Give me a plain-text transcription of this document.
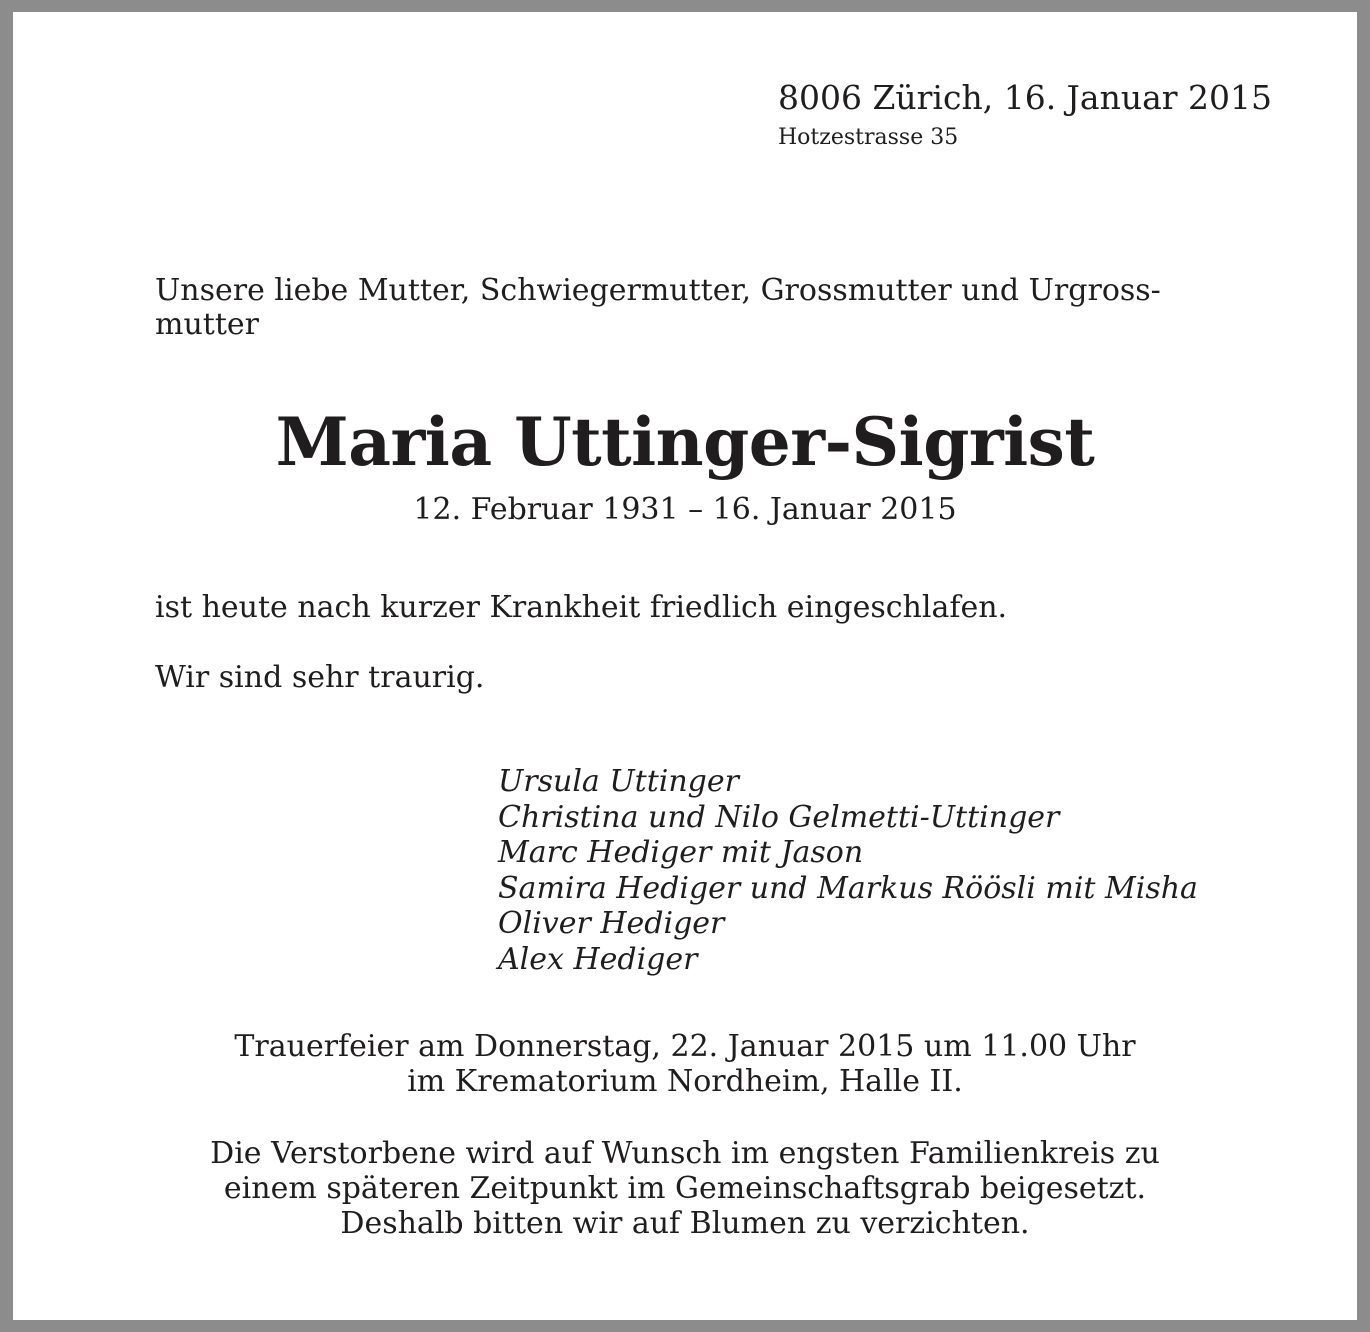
8006 Zürich, 16. Januar 2015

Hotzestrasse 35

Unsere liebe Mutter, Schwiegermutter, Grossmutter und Urgross-
mutter

Maria Uttinger-Sigrist

12. Februar 1931 – 16. Januar 2015

ist heute nach kurzer Krankheit friedlich eingeschlafen.

Wir sind sehr traurig.

Ursula Uttinger
Christina und Nilo Gelmetti-Uttinger
Marc Hediger mit Jason
Samira Hediger und Markus Röösli mit Misha
Oliver Hediger
Alex Hediger

Trauerfeier am Donnerstag, 22. Januar 2015 um 11.00 Uhr
im Krematorium Nordheim, Halle II.

Die Verstorbene wird auf Wunsch im engsten Familienkreis zu
einem späteren Zeitpunkt im Gemeinschaftsgrab beigesetzt.
Deshalb bitten wir auf Blumen zu verzichten.
